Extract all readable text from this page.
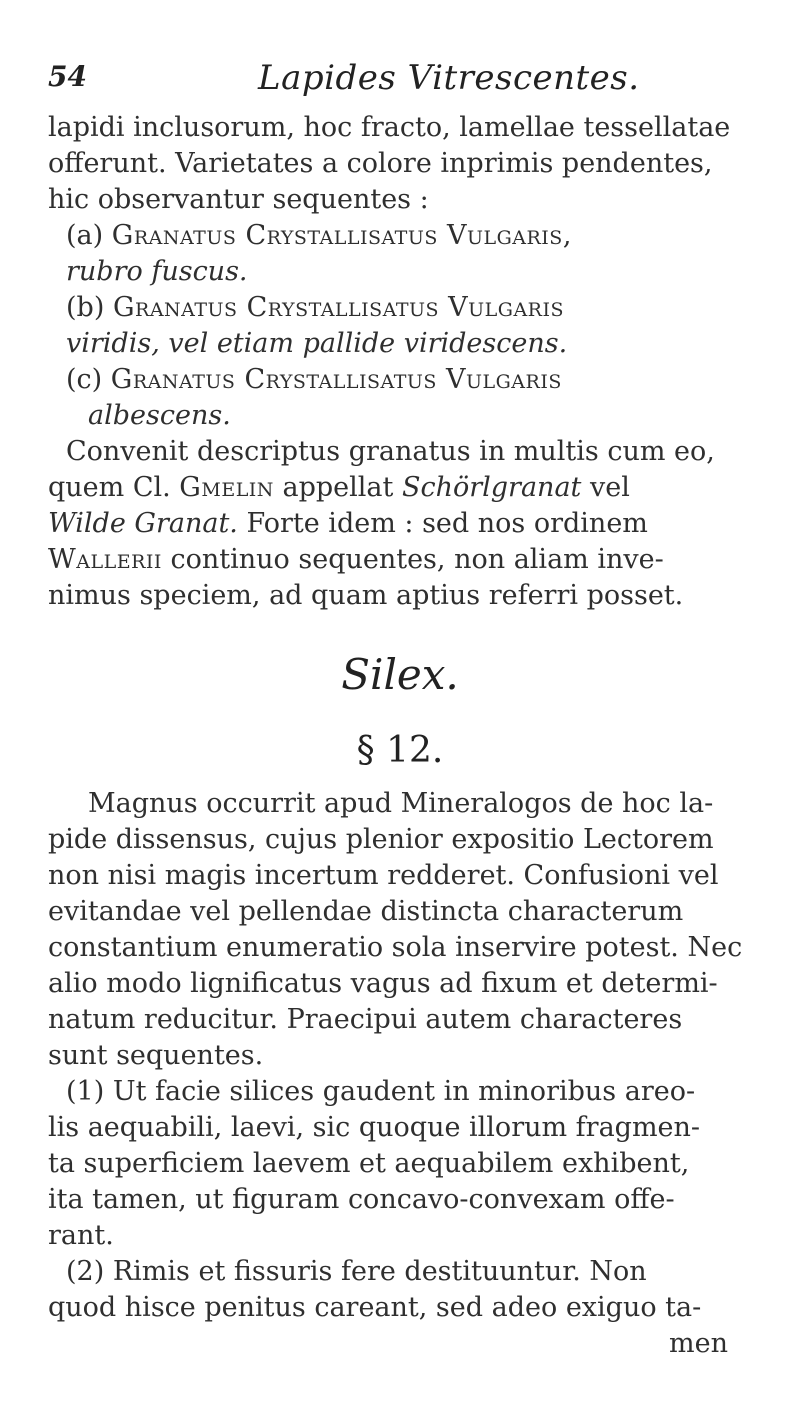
54	Lapides Vitrescentes.
lapidi inclusorum, hoc fracto, lamellae tessellatae
offerunt. Varietates a colore inprimis pendentes,
hic observantur sequentes :
(a) Granatus Crystallisatus Vulgaris,
rubro fuscus.
(b) Granatus Crystallisatus Vulgaris
viridis, vel etiam pallide viridescens.
(c) Granatus Crystallisatus Vulgaris
albescens.
Convenit descriptus granatus in multis cum eo,
quem Cl. Gmelin appellat Schörlgranat vel
Wilde Granat. Forte idem : sed nos ordinem
Wallerii continuo sequentes, non aliam inve-
nimus speciem, ad quam aptius referri posset.
Silex.
§ 12.
Magnus occurrit apud Mineralogos de hoc la-
pide dissensus, cujus plenior expositio Lectorem
non nisi magis incertum redderet. Confusioni vel
evitandae vel pellendae distincta characterum
constantium enumeratio sola inservire potest. Nec
alio modo lignificatus vagus ad fixum et determi-
natum reducitur. Praecipui autem characteres
sunt sequentes.
(1) Ut facie silices gaudent in minoribus areo-
lis aequabili, laevi, sic quoque illorum fragmen-
ta superficiem laevem et aequabilem exhibent,
ita tamen, ut figuram concavo-convexam offe-
rant.
(2) Rimis et fissuris fere destituuntur. Non
quod hisce penitus careant, sed adeo exiguo ta-
men
